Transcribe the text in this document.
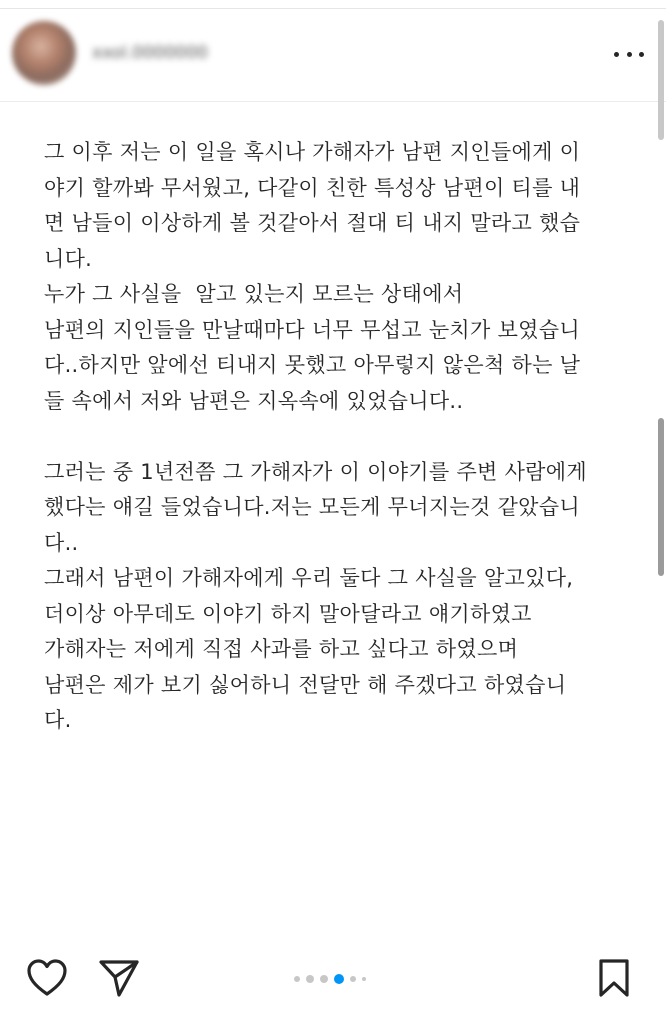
xxol.0000000
그 이후 저는 이 일을 혹시나 가해자가 남편 지인들에게 이
야기 할까봐 무서웠고, 다같이 친한 특성상 남편이 티를 내
면 남들이 이상하게 볼 것같아서 절대 티 내지 말라고 했습
니다.
누가 그 사실을  알고 있는지 모르는 상태에서
남편의 지인들을 만날때마다 너무 무섭고 눈치가 보였습니
다..하지만 앞에선 티내지 못했고 아무렇지 않은척 하는 날
들 속에서 저와 남편은 지옥속에 있었습니다..
그러는 중 1년전쯤 그 가해자가 이 이야기를 주변 사람에게
했다는 얘길 들었습니다.저는 모든게 무너지는것 같았습니
다..
그래서 남편이 가해자에게 우리 둘다 그 사실을 알고있다,
더이상 아무데도 이야기 하지 말아달라고 얘기하였고
가해자는 저에게 직접 사과를 하고 싶다고 하였으며
남편은 제가 보기 싫어하니 전달만 해 주겠다고 하였습니
다.
